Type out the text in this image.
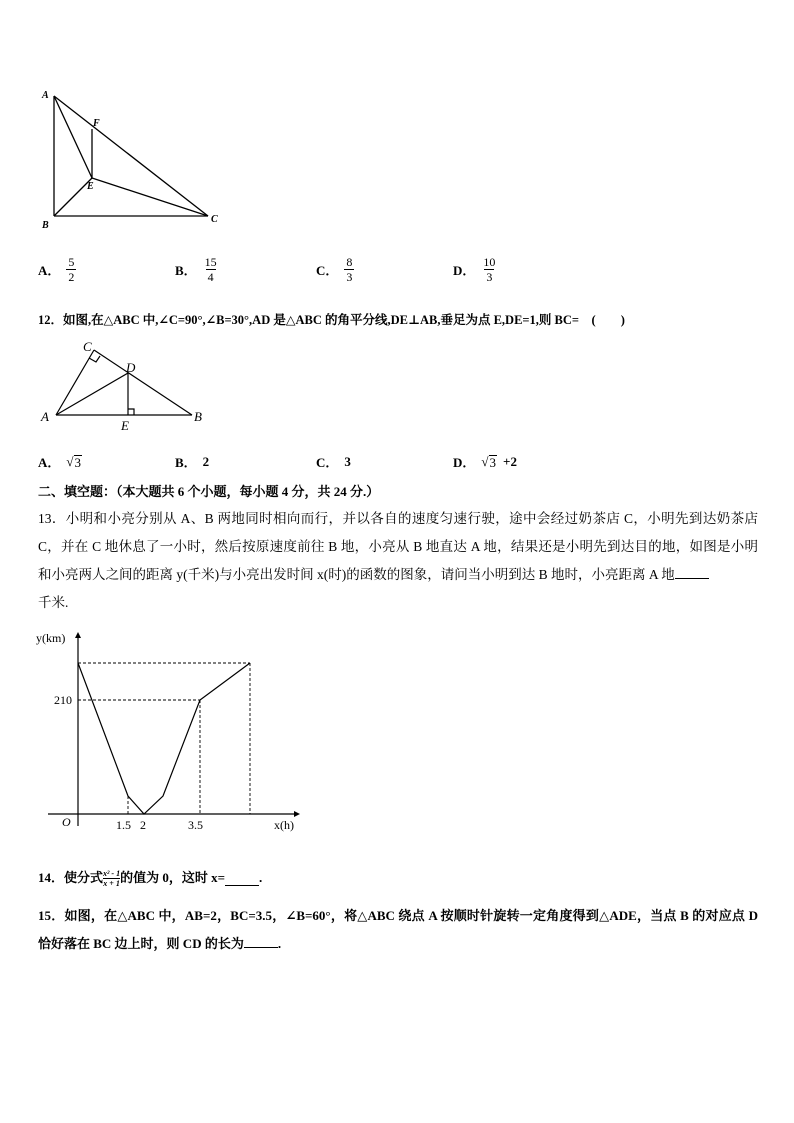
A
F
E
B
C
A． $\frac{5}{2}$	B． $\frac{15}{4}$	C． $\frac{8}{3}$	D． $\frac{10}{3}$
12．如图,在△ABC 中,∠C=90°,∠B=30°,AD 是△ABC 的角平分线,DE⊥AB,垂足为点 E,DE=1,则 BC=　(　　)
C
D
A	B
E
A． √ 3	B． 2	C． 3	D． √ 3 +2
二、填空题：（本大题共 6 个小题，每小题 4 分，共 24 分.）
13．小明和小亮分别从 A、B 两地同时相向而行，并以各自的速度匀速行驶，途中会经过奶茶店 C，小明先到达奶茶店 C，并在 C 地休息了一小时，然后按原速度前往 B 地，小亮从 B 地直达 A 地，结果还是小明先到达目的地，如图是小明和小亮两人之间的距离 y(千米)与小亮出发时间 x(时)的函数的图象，请问当小明到达 B 地时，小亮距离 A 地
千米.
y(km)
x(h)
O
210
1.5 2	3.5
14．使分式 $\frac{\text{x² - 1}}{x + 1}$ 的值为 0，这时 x=	.
15．如图，在△ABC 中，AB=2，BC=3.5，∠B=60°，将△ABC 绕点 A 按顺时针旋转一定角度得到△ADE，当点 B 的对应点 D 恰好落在 BC 边上时，则 CD 的长为	.
